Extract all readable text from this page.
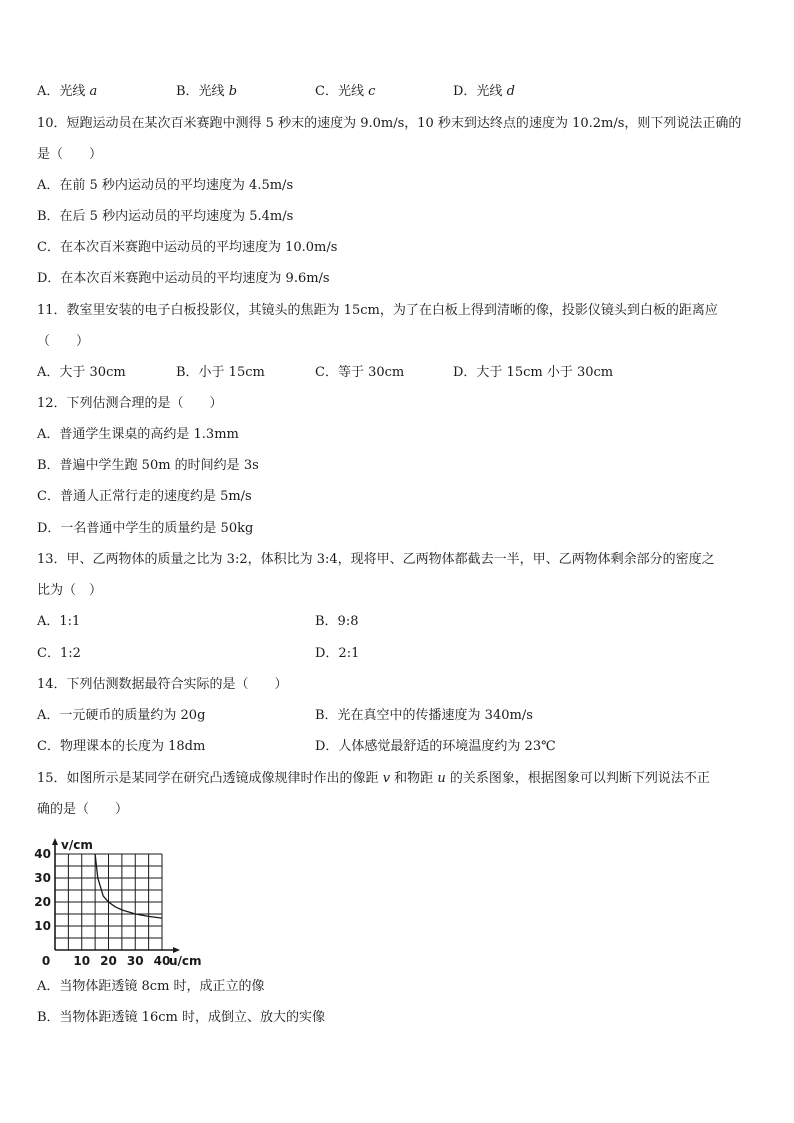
A．光线 a	B．光线 b	C．光线 c	D．光线 d
10．短跑运动员在某次百米赛跑中测得 5 秒末的速度为 9.0m/s，10 秒末到达终点的速度为 10.2m/s，则下列说法正确的
是（　　）
A．在前 5 秒内运动员的平均速度为 4.5m/s
B．在后 5 秒内运动员的平均速度为 5.4m/s
C．在本次百米赛跑中运动员的平均速度为 10.0m/s
D．在本次百米赛跑中运动员的平均速度为 9.6m/s
11．教室里安装的电子白板投影仪，其镜头的焦距为 15cm，为了在白板上得到清晰的像，投影仪镜头到白板的距离应
（　　）
A．大于 30cm	B．小于 15cm	C．等于 30cm	D．大于 15cm 小于 30cm
12．下列估测合理的是（　　）
A．普通学生课桌的高约是 1.3mm
B．普遍中学生跑 50m 的时间约是 3s
C．普通人正常行走的速度约是 5m/s
D．一名普通中学生的质量约是 50kg
13．甲、乙两物体的质量之比为 3:2，体积比为 3:4，现将甲、乙两物体都截去一半，甲、乙两物体剩余部分的密度之
比为（　）
A．1:1	B．9:8
C．1:2	D．2:1
14．下列估测数据最符合实际的是（　　）
A．一元硬币的质量约为 20g	B．光在真空中的传播速度为 340m/s
C．物理课本的长度为 18dm	D．人体感觉最舒适的环境温度约为 23℃
15．如图所示是某同学在研究凸透镜成像规律时作出的像距 v 和物距 u 的关系图象，根据图象可以判断下列说法不正
确的是（　　）
0 10 20 30 40
10
20
30
40
v/cm
u/cm
A．当物体距透镜 8cm 时，成正立的像
B．当物体距透镜 16cm 时，成倒立、放大的实像
